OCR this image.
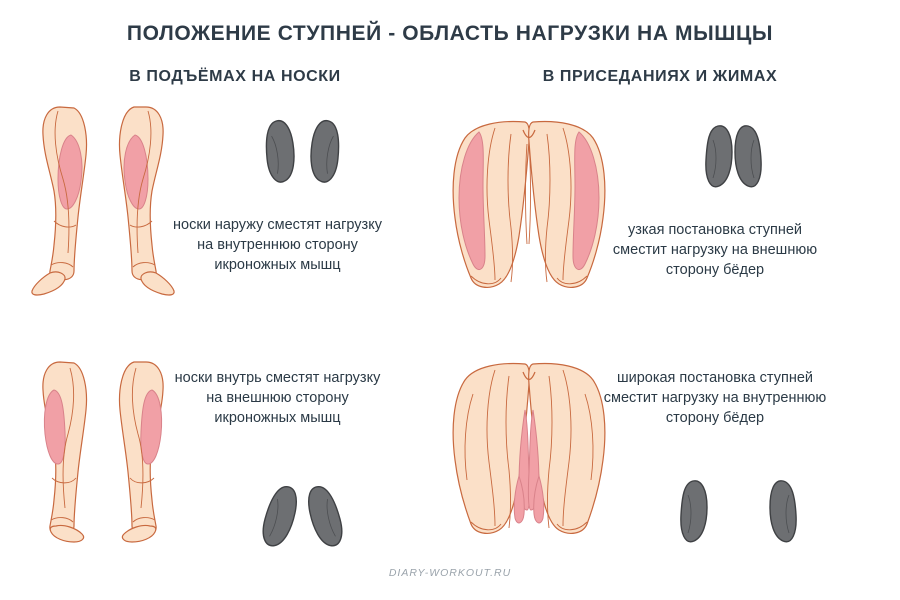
ПОЛОЖЕНИЕ СТУПНЕЙ - ОБЛАСТЬ НАГРУЗКИ НА МЫШЦЫ
В ПОДЪЁМАХ НА НОСКИ	В ПРИСЕДАНИЯХ И ЖИМАХ
носки наружу сместят нагрузку на внутреннюю сторону икроножных мышц
носки внутрь сместят нагрузку на внешнюю сторону икроножных мышц
узкая постановка ступней сместит нагрузку на внешнюю сторону бёдер
широкая постановка ступней сместит нагрузку на внутреннюю сторону бёдер
DIARY-WORKOUT.RU
